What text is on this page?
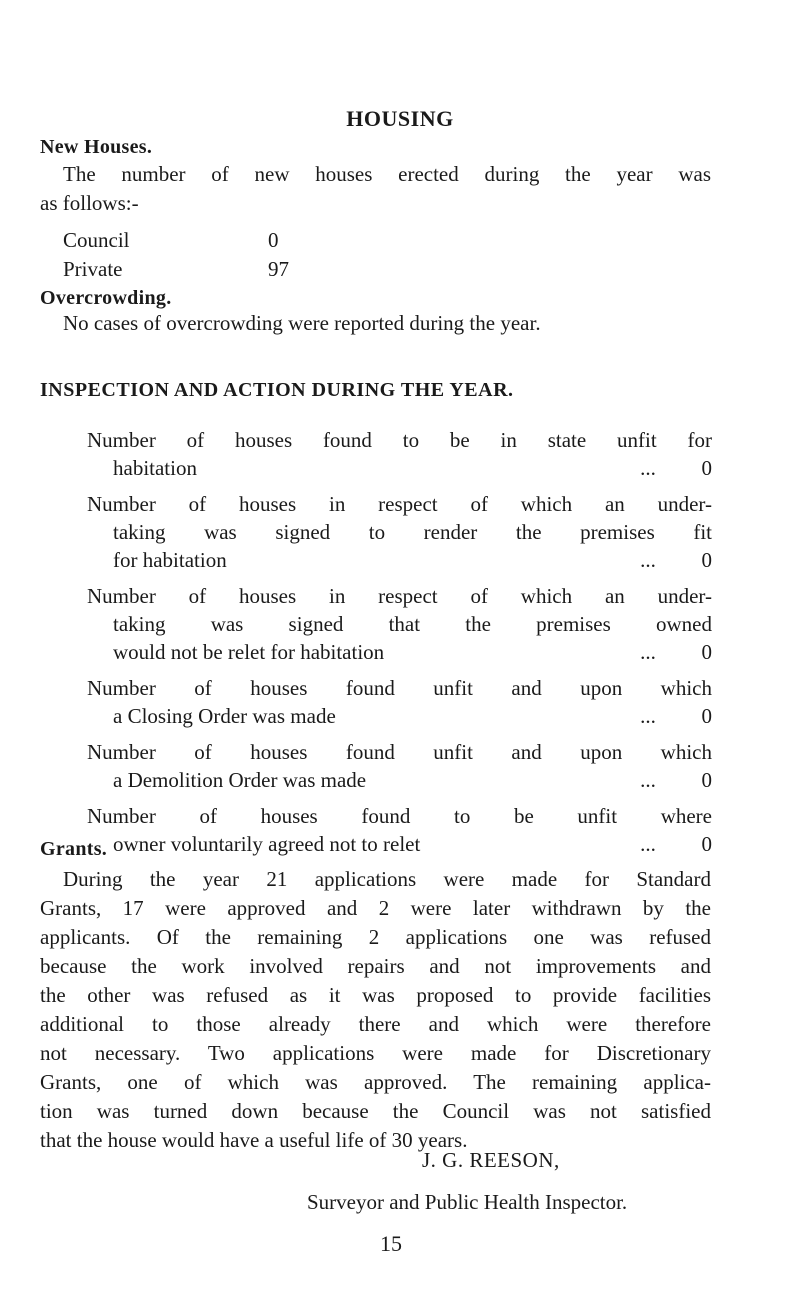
HOUSING
New Houses.
The number of new houses erected during the year was
as follows:-
Council	0
Private	97
Overcrowding.
No cases of overcrowding were reported during the year.
INSPECTION AND ACTION DURING THE YEAR.
Number of houses found to be in state unfit for
habitation	...	0
Number of houses in respect of which an under-
taking was signed to render the premises fit
for habitation	...	0
Number of houses in respect of which an under-
taking was signed that the premises owned
would not be relet for habitation	...	0
Number of houses found unfit and upon which
a Closing Order was made	...	0
Number of houses found unfit and upon which
a Demolition Order was made	...	0
Number of houses found to be unfit where
owner voluntarily agreed not to relet	...	0
Grants.
During the year 21 applications were made for Standard
Grants, 17 were approved and 2 were later withdrawn by the
applicants. Of the remaining 2 applications one was refused
because the work involved repairs and not improvements and
the other was refused as it was proposed to provide facilities
additional to those already there and which were therefore
not necessary. Two applications were made for Discretionary
Grants, one of which was approved. The remaining applica-
tion was turned down because the Council was not satisfied
that the house would have a useful life of 30 years.
J. G. REESON,
Surveyor and Public Health Inspector.
15
